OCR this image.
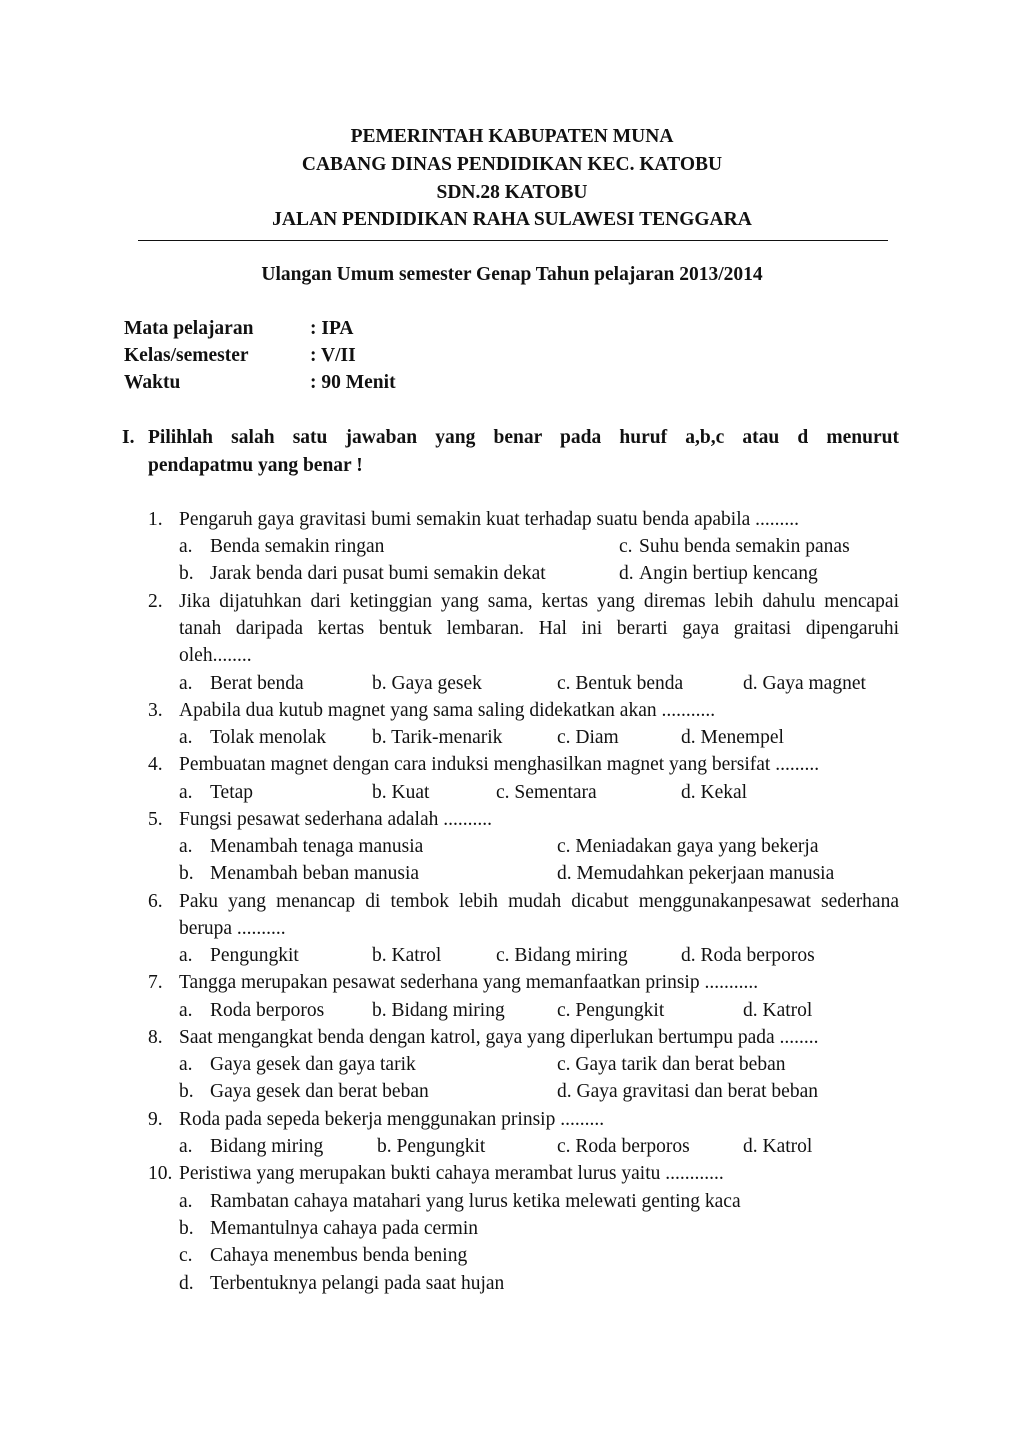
PEMERINTAH KABUPATEN MUNA
CABANG DINAS PENDIDIKAN KEC. KATOBU
SDN.28 KATOBU
JALAN PENDIDIKAN RAHA SULAWESI TENGGARA
Ulangan Umum semester Genap Tahun pelajaran 2013/2014
Mata pelajaran	: IPA
Kelas/semester	: V/II
Waktu	: 90 Menit
I. Pilihlah salah satu jawaban yang benar pada huruf a,b,c atau d menurut
pendapatmu yang benar !
1. Pengaruh gaya gravitasi bumi semakin kuat terhadap suatu benda apabila .........
a. Benda semakin ringan	c. Suhu benda semakin panas
b. Jarak benda dari pusat bumi semakin dekat	d. Angin bertiup kencang
2. Jika dijatuhkan dari ketinggian yang sama, kertas yang diremas lebih dahulu mencapai
tanah daripada kertas bentuk lembaran. Hal ini berarti gaya graitasi dipengaruhi
oleh........
a. Berat benda	b. Gaya gesek	c. Bentuk benda	d. Gaya magnet
3. Apabila dua kutub magnet yang sama saling didekatkan akan ...........
a. Tolak menolak b. Tarik-menarik	c. Diam	d. Menempel
4. Pembuatan magnet dengan cara induksi menghasilkan magnet yang bersifat .........
a. Tetap	b. Kuat	c. Sementara	d. Kekal
5. Fungsi pesawat sederhana adalah ..........
a. Menambah tenaga manusia	c. Meniadakan gaya yang bekerja
b. Menambah beban manusia	d. Memudahkan pekerjaan manusia
6. Paku yang menancap di tembok lebih mudah dicabut menggunakanpesawat sederhana
berupa ..........
a. Pengungkit	b. Katrol	c. Bidang miring	d. Roda berporos
7. Tangga merupakan pesawat sederhana yang memanfaatkan prinsip ...........
a. Roda berporos b. Bidang miring	c. Pengungkit	d. Katrol
8. Saat mengangkat benda dengan katrol, gaya yang diperlukan bertumpu pada ........
a. Gaya gesek dan gaya tarik	c. Gaya tarik dan berat beban
b. Gaya gesek dan berat beban	d. Gaya gravitasi dan berat beban
9. Roda pada sepeda bekerja menggunakan prinsip .........
a. Bidang miring	b. Pengungkit	c. Roda berporos	d. Katrol
10. Peristiwa yang merupakan bukti cahaya merambat lurus yaitu ............
a. Rambatan cahaya matahari yang lurus ketika melewati genting kaca
b. Memantulnya cahaya pada cermin
c. Cahaya menembus benda bening
d. Terbentuknya pelangi pada saat hujan
